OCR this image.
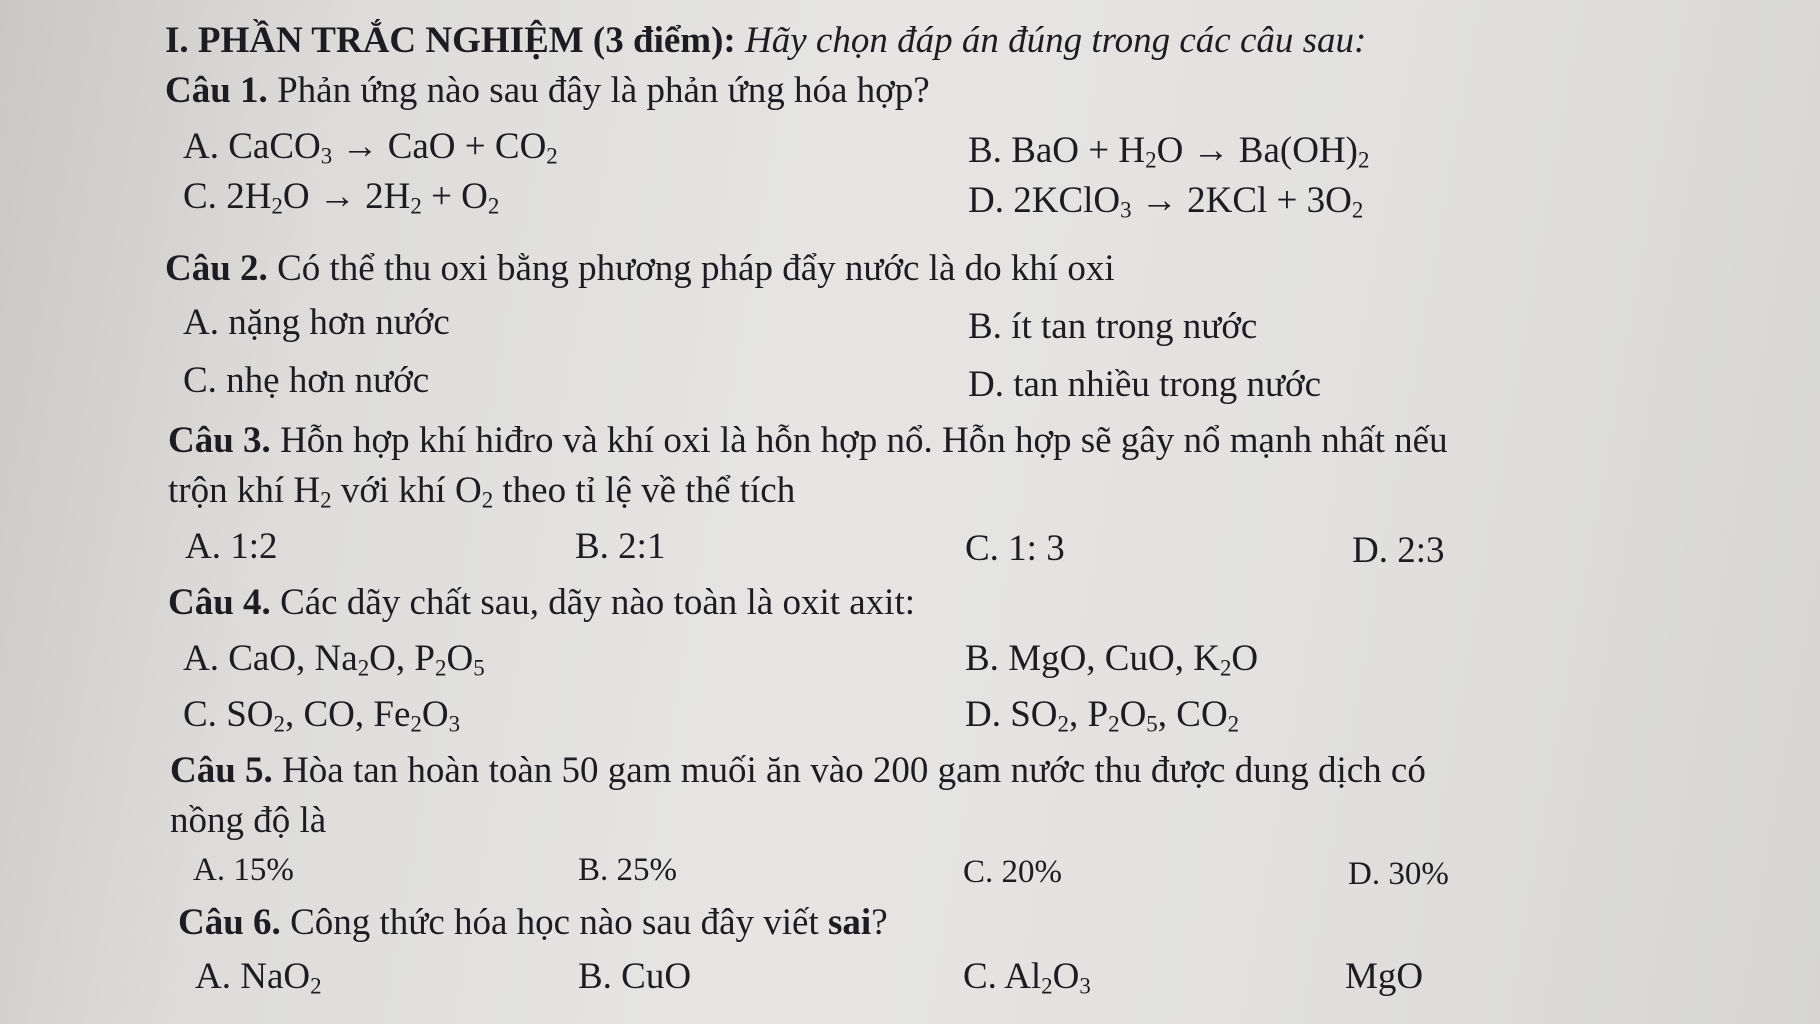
I. PHẦN TRẮC NGHIỆM (3 điểm): Hãy chọn đáp án đúng trong các câu sau:
Câu 1. Phản ứng nào sau đây là phản ứng hóa hợp?
A. CaCO$_3$ → CaO + $CO_2$	B. BaO + $H_2O \to Ba(OH)_2$
C. $2H_2O \to 2H_2 + O_2$	D. 2KClO$_3$ → $2KCl + 3O_2$
Câu 2. Có thể thu oxi bằng phương pháp đẩy nước là do khí oxi
A. nặng hơn nước	B. ít tan trong nước
C. nhẹ hơn nước	D. tan nhiều trong nước
Câu 3. Hỗn hợp khí hiđro và khí oxi là hỗn hợp nổ. Hỗn hợp sẽ gây nổ mạnh nhất nếu
trộn khí $H_2$ với khí $O_2$ theo tỉ lệ về thể tích
A. 1:2	B. 2:1	C. 1: 3	D. 2:3
Câu 4. Các dãy chất sau, dãy nào toàn là oxit axit:
A. CaO, $Na_2O$, $P_2O_5$	B. MgO, CuO, $K_2O$
C. $SO_2$, CO, $Fe_2O_3$	D. $SO_2$, $P_2O_5$, $CO_2$
Câu 5. Hòa tan hoàn toàn 50 gam muối ăn vào 200 gam nước thu được dung dịch có
nồng độ là
A. 15%	B. 25%	C. 20%	D. 30%
Câu 6. Công thức hóa học nào sau đây viết sai?
A. NaO$_2$	B. CuO	C. $Al_2O_3$	MgO
